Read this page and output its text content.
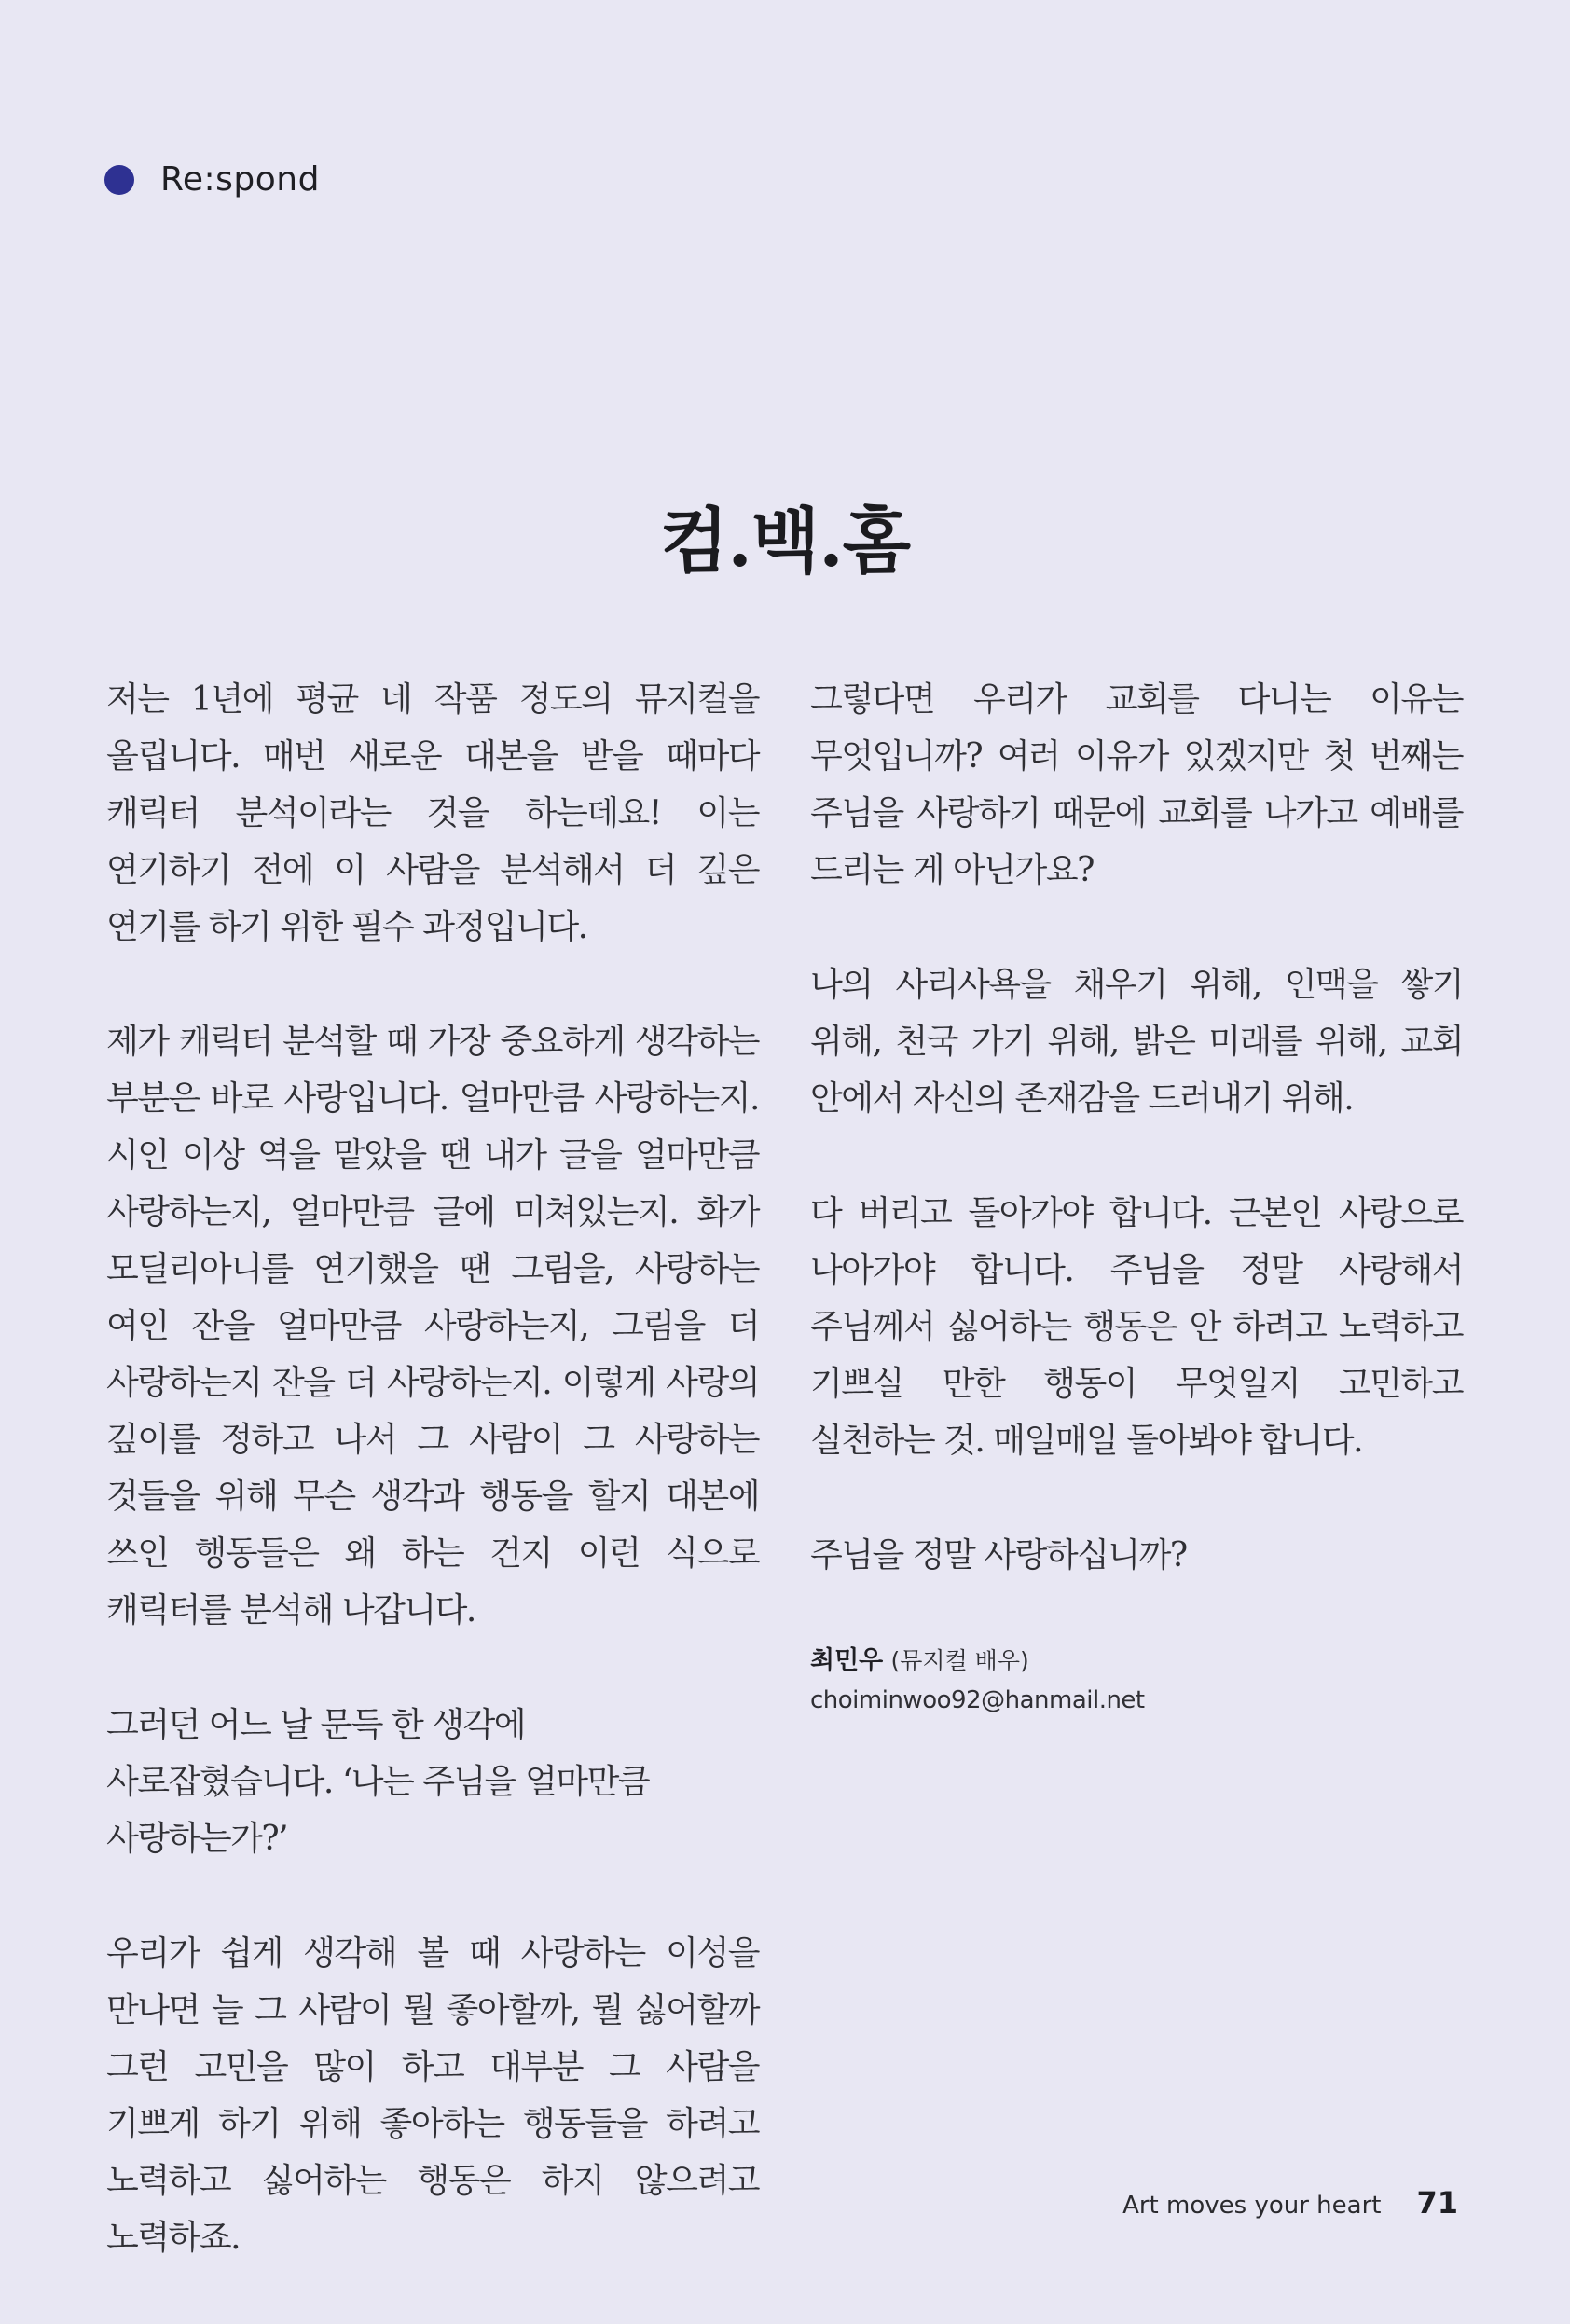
Re:spond
컴.백.홈

저는 1년에 평균 네 작품 정도의 뮤지컬을 올립니다. 매번 새로운 대본을 받을 때마다 캐릭터 분석이라는 것을 하는데요! 이는 연기하기 전에 이 사람을 분석해서 더 깊은 연기를 하기 위한 필수 과정입니다.

제가 캐릭터 분석할 때 가장 중요하게 생각하는 부분은 바로 사랑입니다. 얼마만큼 사랑하는지. 시인 이상 역을 맡았을 땐 내가 글을 얼마만큼 사랑하는지, 얼마만큼 글에 미쳐있는지. 화가 모딜리아니를 연기했을 땐 그림을, 사랑하는 여인 잔을 얼마만큼 사랑하는지, 그림을 더 사랑하는지 잔을 더 사랑하는지. 이렇게 사랑의 깊이를 정하고 나서 그 사람이 그 사랑하는 것들을 위해 무슨 생각과 행동을 할지 대본에 쓰인 행동들은 왜 하는 건지 이런 식으로 캐릭터를 분석해 나갑니다.

그러던 어느 날 문득 한 생각에 사로잡혔습니다. ‘나는 주님을 얼마만큼 사랑하는가?’

우리가 쉽게 생각해 볼 때 사랑하는 이성을 만나면 늘 그 사람이 뭘 좋아할까, 뭘 싫어할까 그런 고민을 많이 하고 대부분 그 사람을 기쁘게 하기 위해 좋아하는 행동들을 하려고 노력하고 싫어하는 행동은 하지 않으려고 노력하죠.

그렇다면 우리가 교회를 다니는 이유는 무엇입니까? 여러 이유가 있겠지만 첫 번째는 주님을 사랑하기 때문에 교회를 나가고 예배를 드리는 게 아닌가요?

나의 사리사욕을 채우기 위해, 인맥을 쌓기 위해, 천국 가기 위해, 밝은 미래를 위해, 교회 안에서 자신의 존재감을 드러내기 위해.

다 버리고 돌아가야 합니다. 근본인 사랑으로 나아가야 합니다. 주님을 정말 사랑해서 주님께서 싫어하는 행동은 안 하려고 노력하고 기쁘실 만한 행동이 무엇일지 고민하고 실천하는 것. 매일매일 돌아봐야 합니다.

주님을 정말 사랑하십니까?

최민우 (뮤지컬 배우)
choiminwoo92@hanmail.net
Art moves your heart 71
